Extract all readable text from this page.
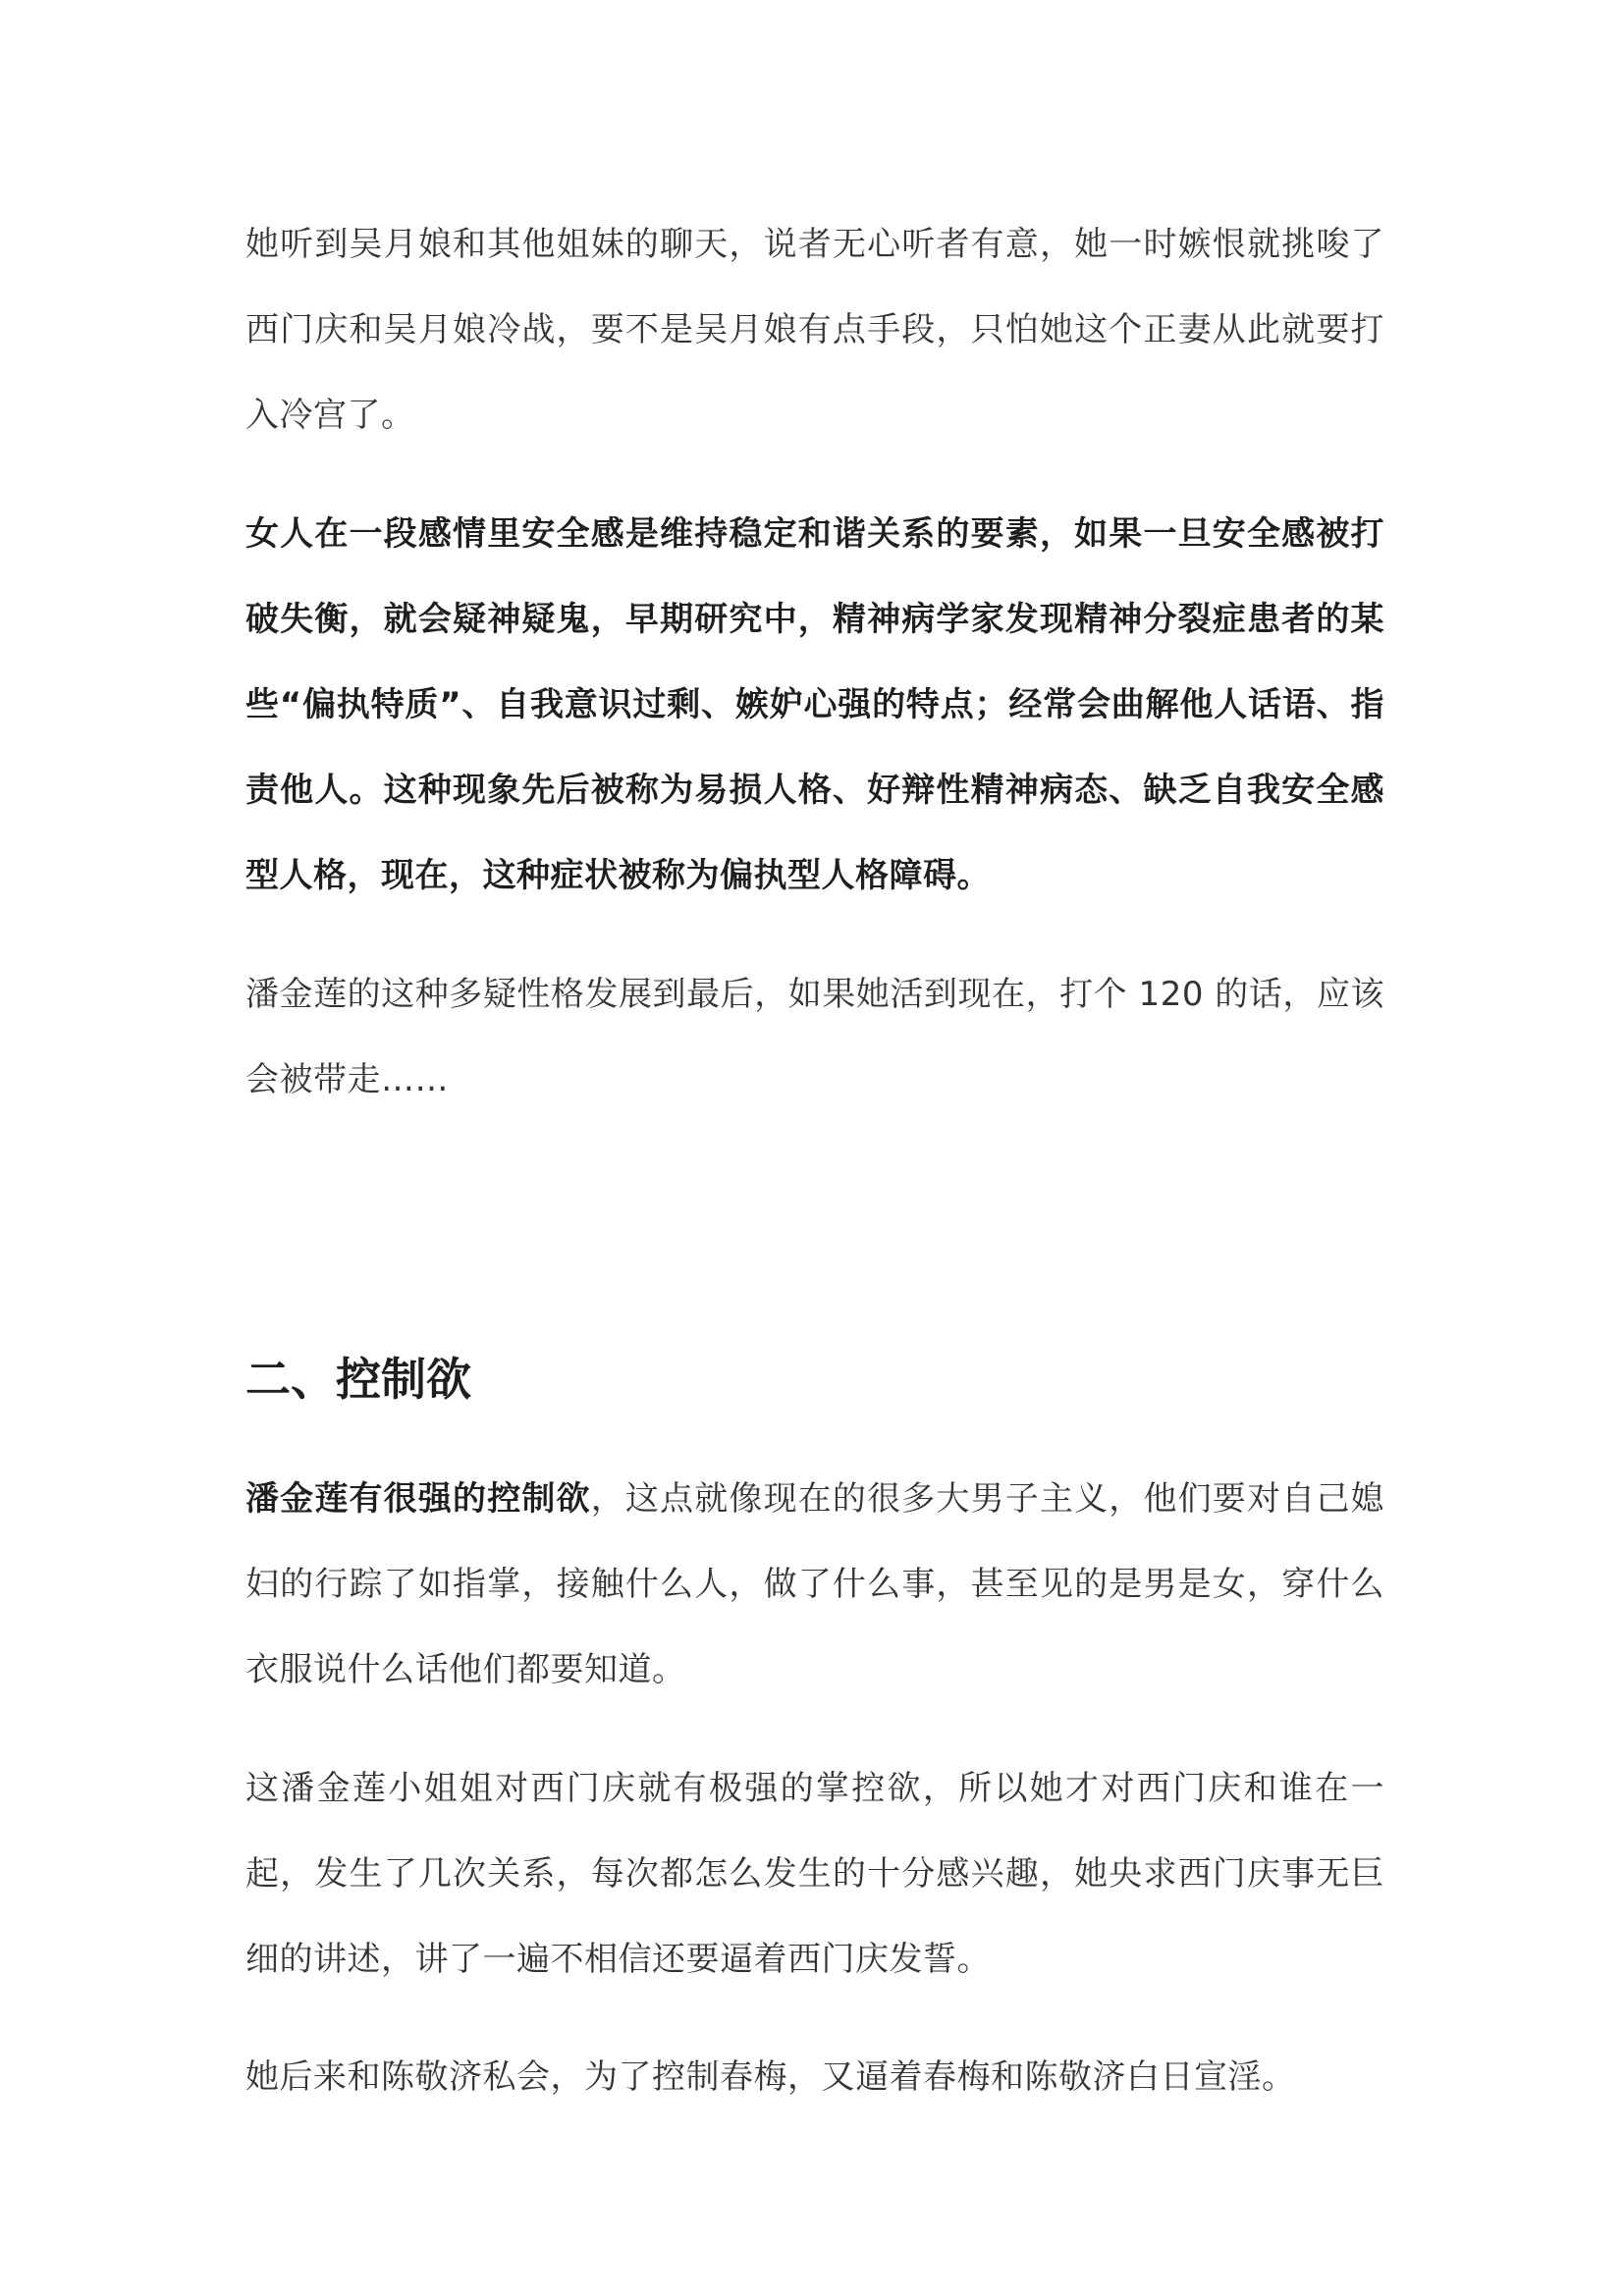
她听到吴月娘和其他姐妹的聊天，说者无心听者有意，她一时嫉恨就挑唆了西门庆和吴月娘冷战，要不是吴月娘有点手段，只怕她这个正妻从此就要打入冷宫了。

女人在一段感情里安全感是维持稳定和谐关系的要素，如果一旦安全感被打破失衡，就会疑神疑鬼，早期研究中，精神病学家发现精神分裂症患者的某些“偏执特质”、自我意识过剩、嫉妒心强的特点；经常会曲解他人话语、指责他人。这种现象先后被称为易损人格、好辩性精神病态、缺乏自我安全感型人格，现在，这种症状被称为偏执型人格障碍。

潘金莲的这种多疑性格发展到最后，如果她活到现在，打个 120 的话，应该会被带走……

二、控制欲

潘金莲有很强的控制欲，这点就像现在的很多大男子主义，他们要对自己媳妇的行踪了如指掌，接触什么人，做了什么事，甚至见的是男是女，穿什么衣服说什么话他们都要知道。

这潘金莲小姐姐对西门庆就有极强的掌控欲，所以她才对西门庆和谁在一起，发生了几次关系，每次都怎么发生的十分感兴趣，她央求西门庆事无巨细的讲述，讲了一遍不相信还要逼着西门庆发誓。

她后来和陈敬济私会，为了控制春梅，又逼着春梅和陈敬济白日宣淫。
